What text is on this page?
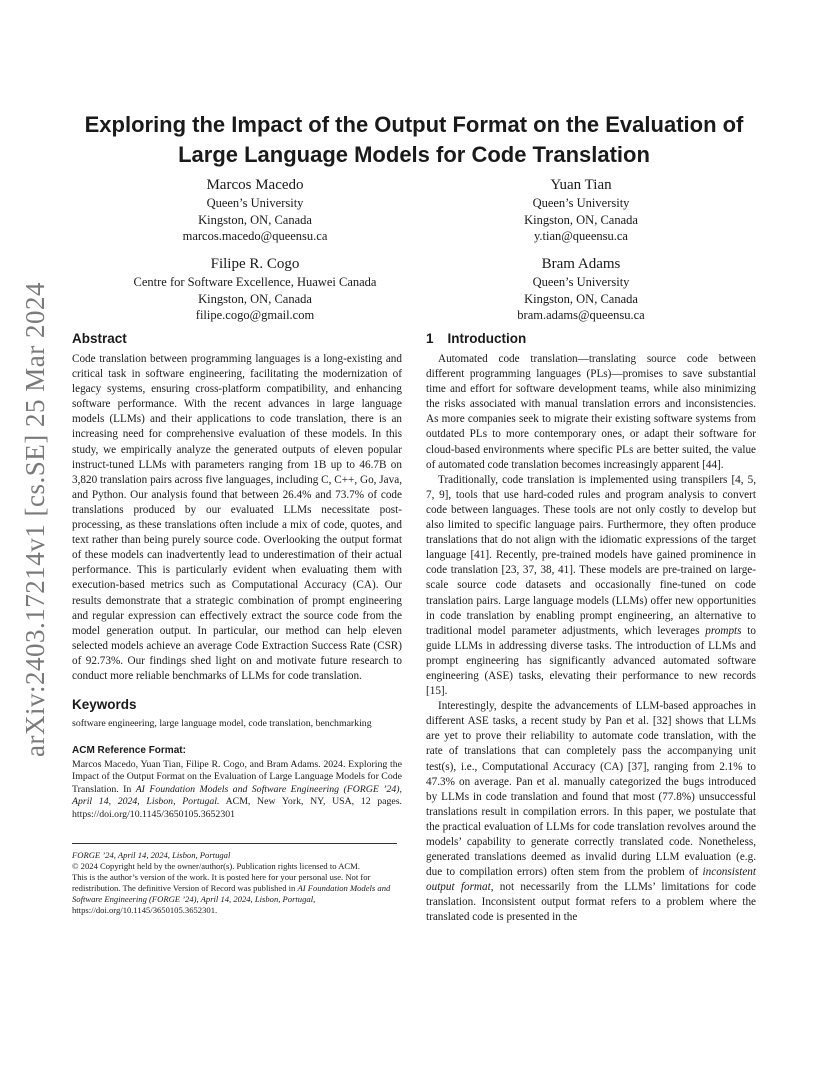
arXiv:2403.17214v1 [cs.SE] 25 Mar 2024
Exploring the Impact of the Output Format on the Evaluation of Large Language Models for Code Translation
Marcos Macedo
Queen’s University
Kingston, ON, Canada
marcos.macedo@queensu.ca
Yuan Tian
Queen’s University
Kingston, ON, Canada
y.tian@queensu.ca
Filipe R. Cogo
Centre for Software Excellence, Huawei Canada
Kingston, ON, Canada
filipe.cogo@gmail.com
Bram Adams
Queen’s University
Kingston, ON, Canada
bram.adams@queensu.ca
Abstract

Code translation between programming languages is a long-existing and critical task in software engineering, facilitating the modernization of legacy systems, ensuring cross-platform compatibility, and enhancing software performance. With the recent advances in large language models (LLMs) and their applications to code translation, there is an increasing need for comprehensive evaluation of these models. In this study, we empirically analyze the generated outputs of eleven popular instruct-tuned LLMs with parameters ranging from 1B up to 46.7B on 3,820 translation pairs across five languages, including C, C++, Go, Java, and Python. Our analysis found that between 26.4% and 73.7% of code translations produced by our evaluated LLMs necessitate post-processing, as these translations often include a mix of code, quotes, and text rather than being purely source code. Overlooking the output format of these models can inadvertently lead to underestimation of their actual performance. This is particularly evident when evaluating them with execution-based metrics such as Computational Accuracy (CA). Our results demonstrate that a strategic combination of prompt engineering and regular expression can effectively extract the source code from the model generation output. In particular, our method can help eleven selected models achieve an average Code Extraction Success Rate (CSR) of 92.73%. Our findings shed light on and motivate future research to conduct more reliable benchmarks of LLMs for code translation.

Keywords

software engineering, large language model, code translation, benchmarking

ACM Reference Format:

Marcos Macedo, Yuan Tian, Filipe R. Cogo, and Bram Adams. 2024. Exploring the Impact of the Output Format on the Evaluation of Large Language Models for Code Translation. In AI Foundation Models and Software Engineering (FORGE ’24), April 14, 2024, Lisbon, Portugal. ACM, New York, NY, USA, 12 pages. https://doi.org/10.1145/3650105.3652301

FORGE ’24, April 14, 2024, Lisbon, Portugal
© 2024 Copyright held by the owner/author(s). Publication rights licensed to ACM.
This is the author’s version of the work. It is posted here for your personal use. Not for redistribution. The definitive Version of Record was published in AI Foundation Models and Software Engineering (FORGE ’24), April 14, 2024, Lisbon, Portugal, https://doi.org/10.1145/3650105.3652301.
1 Introduction

Automated code translation—translating source code between different programming languages (PLs)—promises to save substantial time and effort for software development teams, while also minimizing the risks associated with manual translation errors and inconsistencies. As more companies seek to migrate their existing software systems from outdated PLs to more contemporary ones, or adapt their software for cloud-based environments where specific PLs are better suited, the value of automated code translation becomes increasingly apparent [44].

Traditionally, code translation is implemented using transpilers [4, 5, 7, 9], tools that use hard-coded rules and program analysis to convert code between languages. These tools are not only costly to develop but also limited to specific language pairs. Furthermore, they often produce translations that do not align with the idiomatic expressions of the target language [41]. Recently, pre-trained models have gained prominence in code translation [23, 37, 38, 41]. These models are pre-trained on large-scale source code datasets and occasionally fine-tuned on code translation pairs. Large language models (LLMs) offer new opportunities in code translation by enabling prompt engineering, an alternative to traditional model parameter adjustments, which leverages prompts to guide LLMs in addressing diverse tasks. The introduction of LLMs and prompt engineering has significantly advanced automated software engineering (ASE) tasks, elevating their performance to new records [15].

Interestingly, despite the advancements of LLM-based approaches in different ASE tasks, a recent study by Pan et al. [32] shows that LLMs are yet to prove their reliability to automate code translation, with the rate of translations that can completely pass the accompanying unit test(s), i.e., Computational Accuracy (CA) [37], ranging from 2.1% to 47.3% on average. Pan et al. manually categorized the bugs introduced by LLMs in code translation and found that most (77.8%) unsuccessful translations result in compilation errors. In this paper, we postulate that the practical evaluation of LLMs for code translation revolves around the models’ capability to generate correctly translated code. Nonetheless, generated translations deemed as invalid during LLM evaluation (e.g. due to compilation errors) often stem from the problem of inconsistent output format, not necessarily from the LLMs’ limitations for code translation. Inconsistent output format refers to a problem where the translated code is presented in the
